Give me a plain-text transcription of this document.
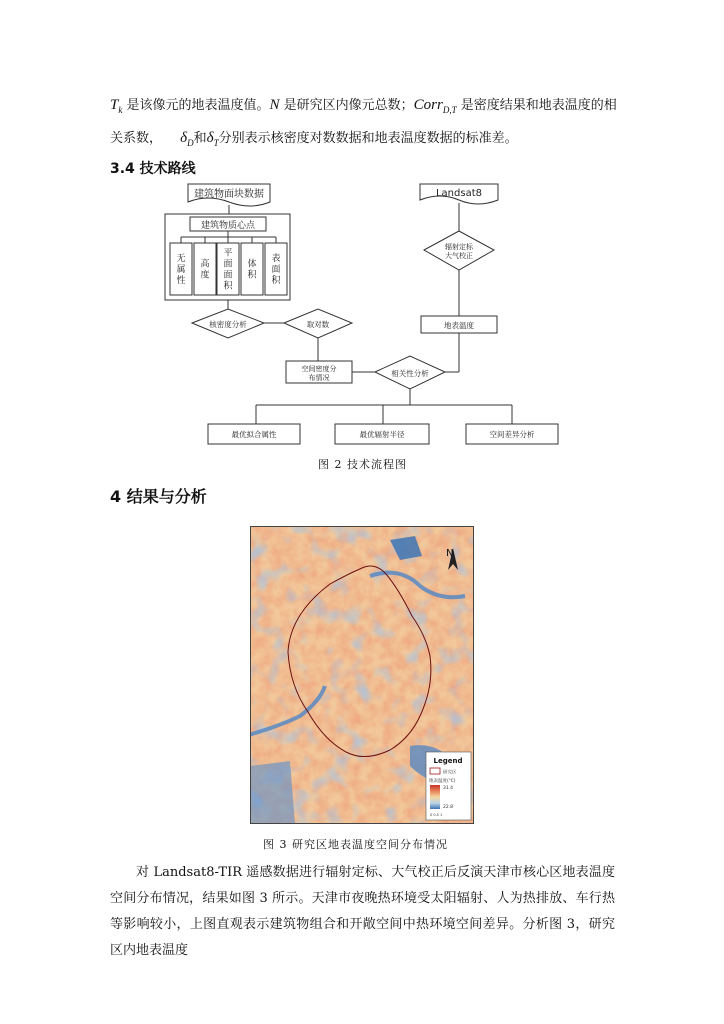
$T_k$ 是该像元的地表温度值。N 是研究区内像元总数；Corr$_{D,T}$ 是密度结果和地表温度的相
关系数， $\delta_D$和$\delta_T$分别表示核密度对数数据和地表温度数据的标准差。
3.4 技术路线
建筑物面块数据
建筑物质心点
无
属
性
高
度
平
面
面
积
体
积
表
面
积
核密度分析	取对数
空间密度分
布情况
Landsat8
辐射定标
大气校正
地表温度
相关性分析
最优拟合属性	最优辐射半径	空间差异分析
图 2 技术流程图
4 结果与分析
N
Legend
研究区
地表温度(℃)
31.4
22.8
0 0.5 1
图 3 研究区地表温度空间分布情况
对 Landsat8-TIR 遥感数据进行辐射定标、大气校正后反演天津市核心区地表温度空间分布情况，结果如图 3 所示。天津市夜晚热环境受太阳辐射、人为热排放、车行热等影响较小，上图直观表示建筑物组合和开敞空间中热环境空间差异。分析图 3，研究区内地表温度
